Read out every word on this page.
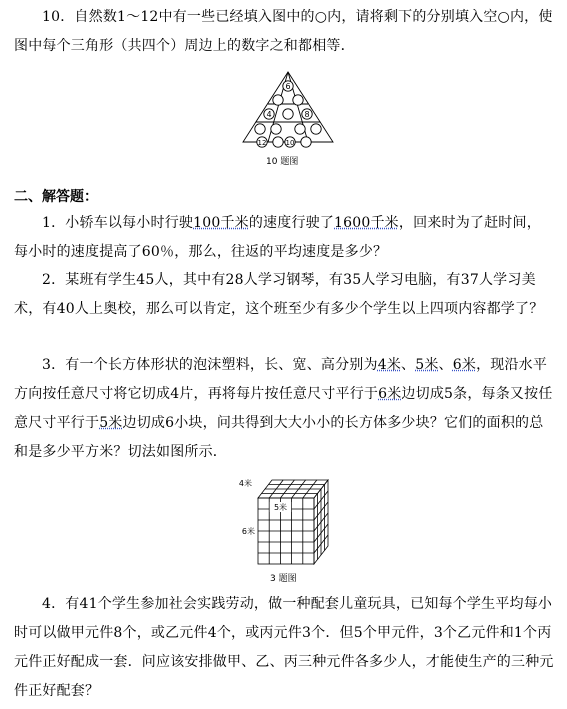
10．自然数1～12中有一些已经填入图中的○内，请将剩下的分别填入空○内，使图中每个三角形（共四个）周边上的数字之和都相等．

6
4	8
10
12
10 题图

二、解答题：

1．小轿车以每小时行驶100千米的速度行驶了1600千米，回来时为了赶时间，每小时的速度提高了60％，那么，往返的平均速度是多少？

2．某班有学生45人，其中有28人学习钢琴，有35人学习电脑，有37人学习美术，有40人上奥校，那么可以肯定，这个班至少有多少个学生以上四项内容都学了？

3．有一个长方体形状的泡沫塑料，长、宽、高分别为4米、5米、6米，现沿水平方向按任意尺寸将它切成4片，再将每片按任意尺寸平行于6米边切成5条，每条又按任意尺寸平行于5米边切成6小块，问共得到大大小小的长方体多少块？它们的面积的总和是多少平方米？切法如图所示．

4米
5米
6米
3 题图

4．有41个学生参加社会实践劳动，做一种配套儿童玩具，已知每个学生平均每小时可以做甲元件8个，或乙元件4个，或丙元件3个．但5个甲元件，3个乙元件和1个丙元件正好配成一套．问应该安排做甲、乙、丙三种元件各多少人，才能使生产的三种元件正好配套？
